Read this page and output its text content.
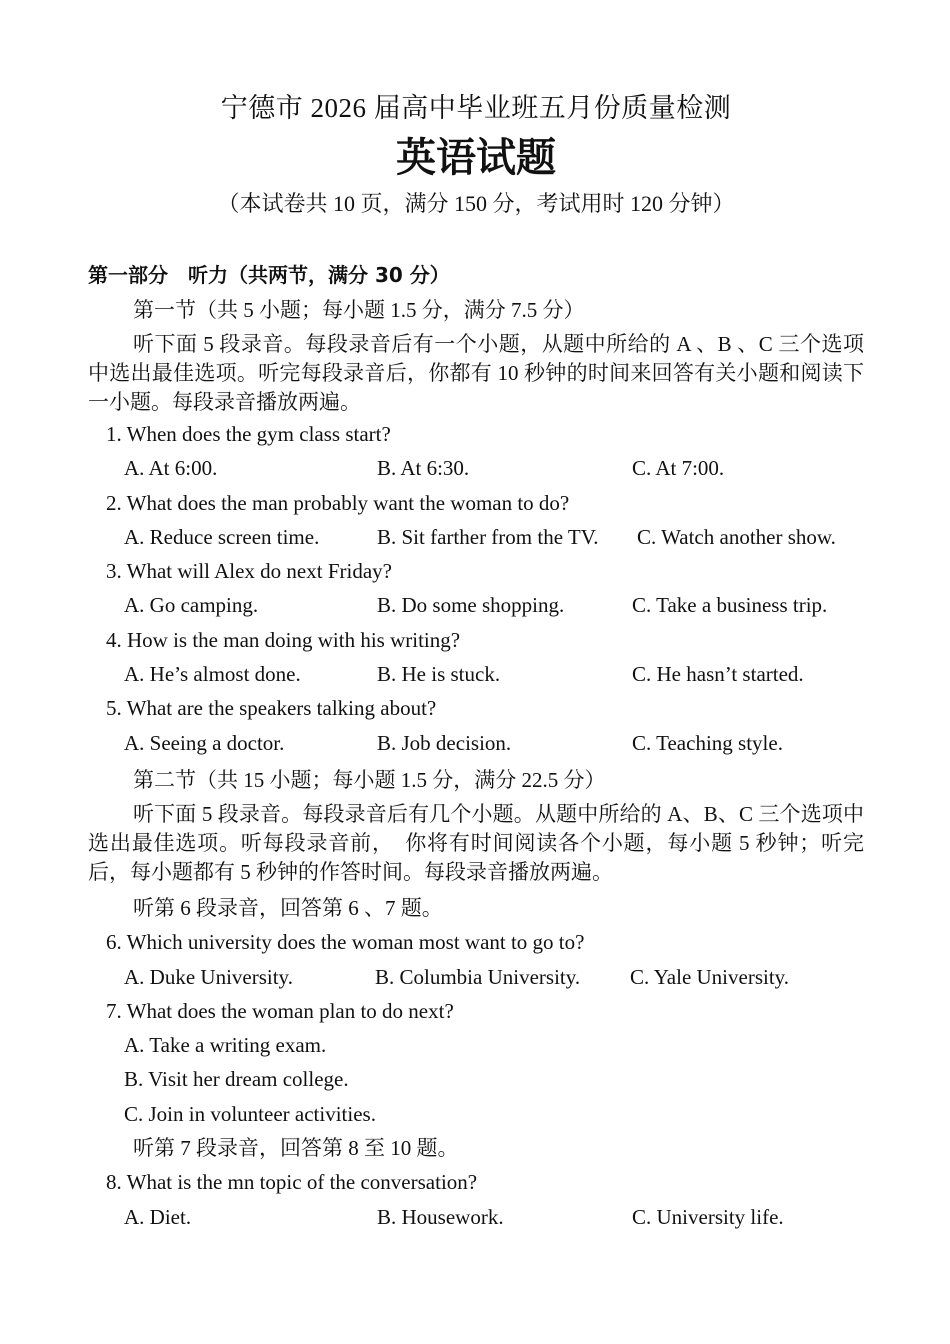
宁德市 2026 届高中毕业班五月份质量检测
英语试题
（本试卷共 10 页，满分 150 分，考试用时 120 分钟）
第一部分　听力（共两节，满分 30 分）
第一节（共 5 小题；每小题 1.5 分，满分 7.5 分）
听下面 5 段录音。每段录音后有一个小题，从题中所给的 A 、B 、C 三个选项中选出最佳选项。听完每段录音后，你都有 10 秒钟的时间来回答有关小题和阅读下一小题。每段录音播放两遍。
1. When does the gym class start?
A. At 6:00.	B. At 6:30.	C. At 7:00.
2. What does the man probably want the woman to do?
A. Reduce screen time.	B. Sit farther from the TV.	C. Watch another show.
3. What will Alex do next Friday?
A. Go camping.	B. Do some shopping.	C. Take a business trip.
4. How is the man doing with his writing?
A. He’s almost done.	B. He is stuck.	C. He hasn’t started.
5. What are the speakers talking about?
A. Seeing a doctor.	B. Job decision.	C. Teaching style.
第二节（共 15 小题；每小题 1.5 分，满分 22.5 分）
听下面 5 段录音。每段录音后有几个小题。从题中所给的 A、B、C 三个选项中选出最佳选项。听每段录音前，　你将有时间阅读各个小题，每小题 5 秒钟；听完后，每小题都有 5 秒钟的作答时间。每段录音播放两遍。
听第 6 段录音，回答第 6 、7 题。
6. Which university does the woman most want to go to?
A. Duke University.	B. Columbia University.	C. Yale University.
7. What does the woman plan to do next?
A. Take a writing exam.
B. Visit her dream college.
C. Join in volunteer activities.
听第 7 段录音，回答第 8 至 10 题。
8. What is the mn topic of the conversation?
A. Diet.	B. Housework.	C. University life.
